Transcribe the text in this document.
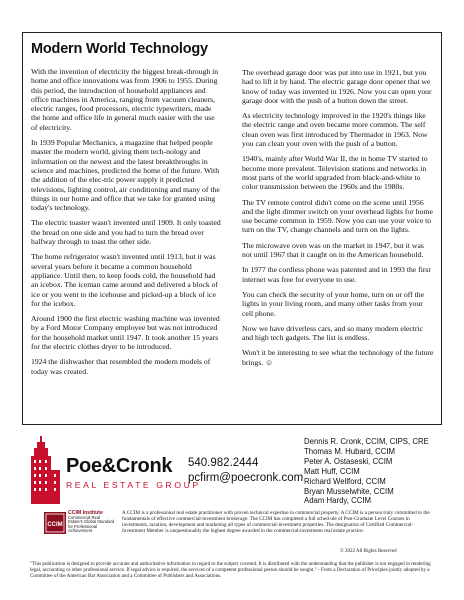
Modern World Technology

With the invention of electricity the biggest break-through in home and office innovations was from 1906 to 1955. During this period, the introduction of household appliances and office machines in America, ranging from vacuum cleaners, electric ranges, food processors, electric typewriters, made the home and office life in general much easier with the use of electricity.

In 1939 Popular Mechanics, a magazine that helped people master the modern world, giving them tech-nology and information on the newest and the latest breakthroughs in science and machines, predicted the home of the future. With the addition of the elec-tric power supply it predicted televisions, lighting control, air conditioning and many of the things in our home and office that we take for granted using today's technology.

The electric toaster wasn't invented until 1909. It only toasted the bread on one side and you had to turn the bread over halfway through to toast the other side.

The home refrigerator wasn't invented until 1913, but it was several years before it became a common household appliance. Until then, to keep foods cold, the household had an icebox. The iceman came around and delivered a block of ice or you went to the icehouse and picked-up a block of ice for the icebox.

Around 1900 the first electric washing machine was invented by a Ford Motor Company employee but was not introduced for the household market until 1947. It took another 15 years for the electric clothes dryer to be introduced.

1924 the dishwasher that resembled the modern models of today was created.

The overhead garage door was put into use in 1921, but you had to lift it by hand. The electric garage door opener that we know of today was invented in 1926. Now you can open your garage door with the push of a button down the street.

As electricity technology improved in the 1920's things like the electric range and oven became more common. The self clean oven was first introduced by Thermador in 1963. Now you can clean your oven with the push of a button.

1940's, mainly after World War II, the in home TV started to become more prevalent. Television stations and networks in most parts of the world upgraded from black-and-white to color transmission between the 1960s and the 1980s.

The TV remote control didn't come on the scene until 1956 and the light dimmer switch on your overhead lights for home use became common in 1959. Now you can use your voice to turn on the TV, change channels and turn on the lights.

The microwave oven was on the market in 1947, but it was not until 1967 that it caught on in the American household.

In 1977 the cordless phone was patented and in 1993 the first internet was free for everyone to use.

You can check the security of your home, turn on or off the lights in your living room, and many other tasks from your cell phone.

Now we have driverless cars, and so many modern electric and high tech gadgets. The list is endless.

Won't it be interesting to see what the technology of the future brings. ☺

Poe&Cronk
REAL ESTATE GROUP
540.982.2444
pcfirm@poecronk.com
Dennis R. Cronk, CCIM, CIPS, CRE
Thomas M. Hubard, CCIM
Peter A. Ostaseski, CCIM
Matt Huff, CCIM
Richard Wellford, CCIM
Bryan Musselwhite, CCIM
Adam Hardy, CCIM
CCIM
CCIM Institute
Commercial Real Estate's Global Standard for Professional Achievement

A CCIM is a professional real estate practitioner with proven technical expertise in commercial property. A CCIM is a person truly committed to the fundamentals of effective commercial-investment brokerage. The CCIM has completed a full sched-ule of Post-Graduate Level Courses in investments, taxation, development and marketing all types of commercial-investment properties. The designation of Certified Commercial-Investment Member is unquestionably the highest degree awarded in the commercial-investment real estate practice.

© 2022 All Rights Reserved
"This publication is designed to provide accurate and authoritative information in regard to the subject covered. It is distributed with the understanding that the publisher is not engaged in rendering legal, accounting or other professional service. If legal advice is required, the services of a competent professional person should be sought." - From a Declaration of Principles jointly adopted by a Committee of the American Bar Association and a Committee of Publishers and Associations.
